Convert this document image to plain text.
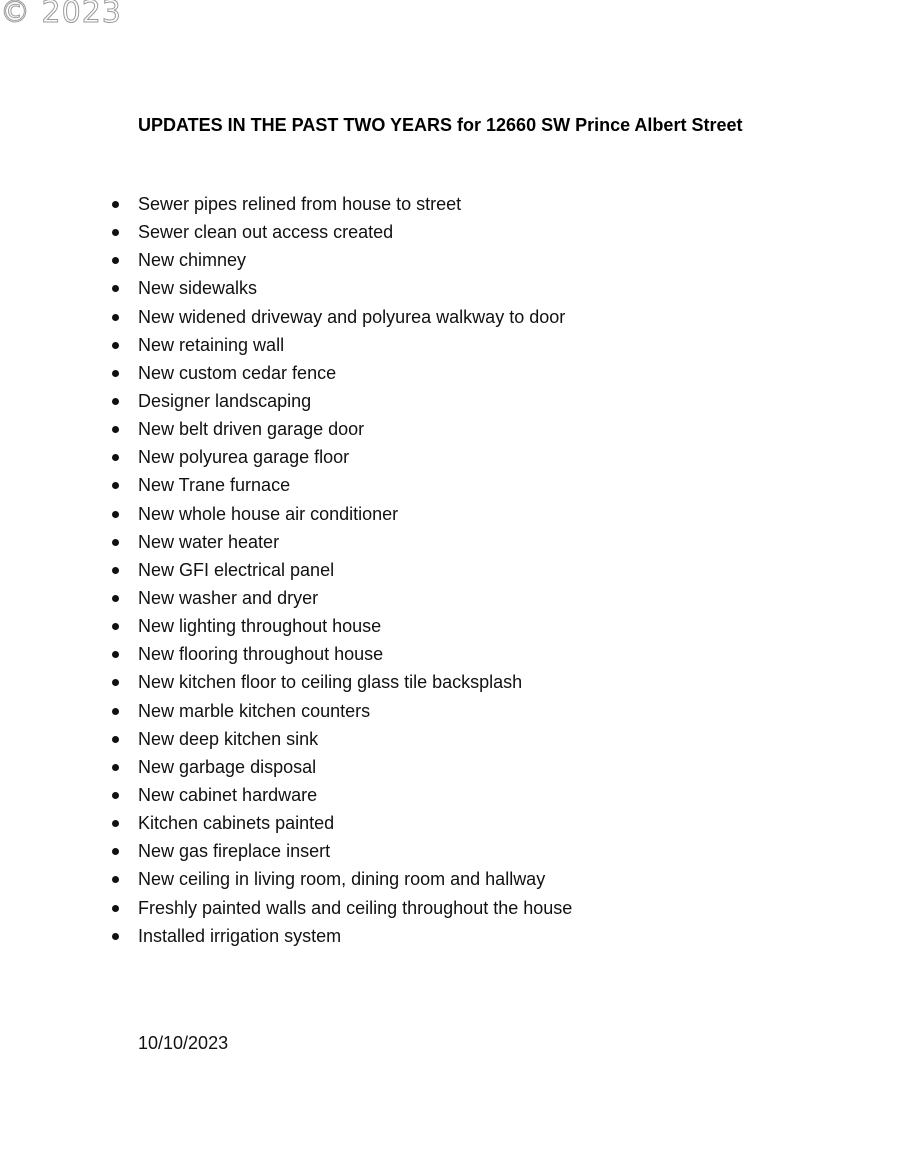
© 2023
UPDATES IN THE PAST TWO YEARS for 12660 SW Prince Albert Street
Sewer pipes relined from house to street
Sewer clean out access created
New chimney
New sidewalks
New widened driveway and polyurea walkway to door
New retaining wall
New custom cedar fence
Designer landscaping
New belt driven garage door
New polyurea garage floor
New Trane furnace
New whole house air conditioner
New water heater
New GFI electrical panel
New washer and dryer
New lighting throughout house
New flooring throughout house
New kitchen floor to ceiling glass tile backsplash
New marble kitchen counters
New deep kitchen sink
New garbage disposal
New cabinet hardware
Kitchen cabinets painted
New gas fireplace insert
New ceiling in living room, dining room and hallway
Freshly painted walls and ceiling throughout the house
Installed irrigation system
10/10/2023
